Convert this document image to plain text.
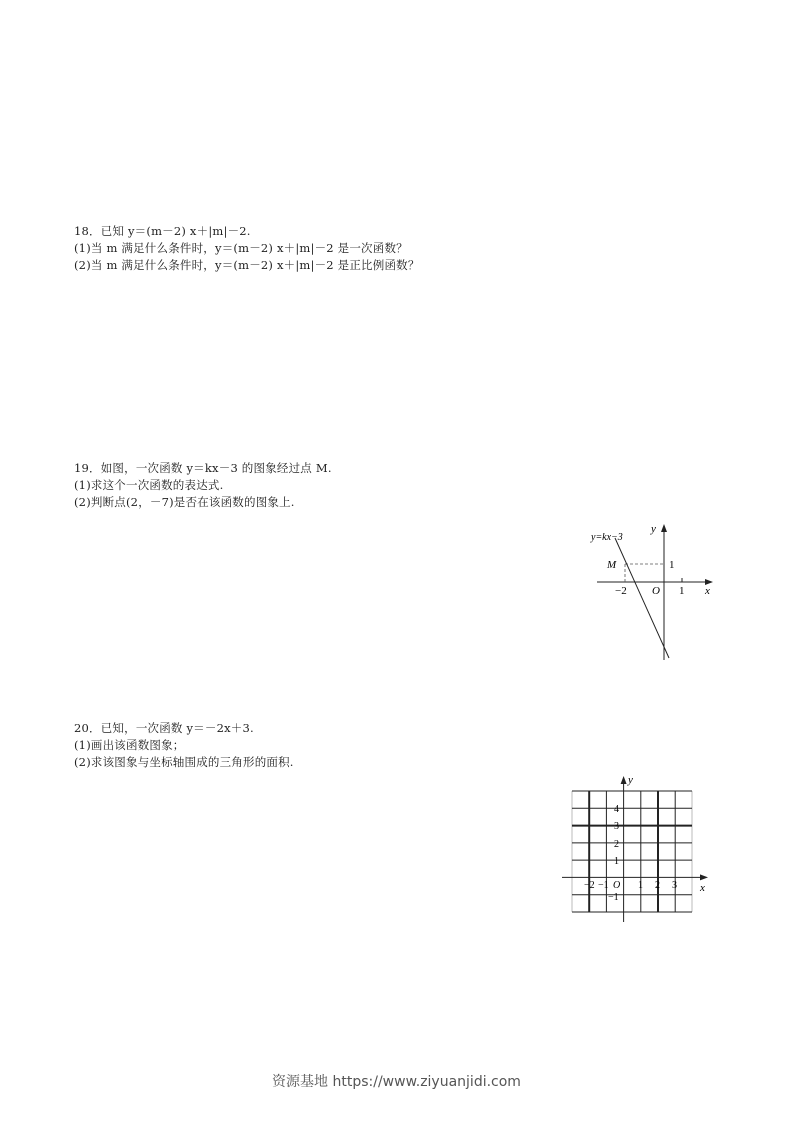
18．已知 y＝(m－2) x＋|m|－2.
(1)当 m 满足什么条件时，y＝(m－2) x＋|m|－2 是一次函数？
(2)当 m 满足什么条件时，y＝(m－2) x＋|m|－2 是正比例函数？
19．如图，一次函数 y＝kx－3 的图象经过点 M.
(1)求这个一次函数的表达式.
(2)判断点(2，－7)是否在该函数的图象上.
y=kx−3
M	1
−2 O 1 x
y
20．已知，一次函数 y＝－2x＋3.
(1)画出该函数图象；
(2)求该图象与坐标轴围成的三角形的面积.
y
x
4
3
2
1
−1
−2 −1 O 1 2 3
资源基地 https://www.ziyuanjidi.com
